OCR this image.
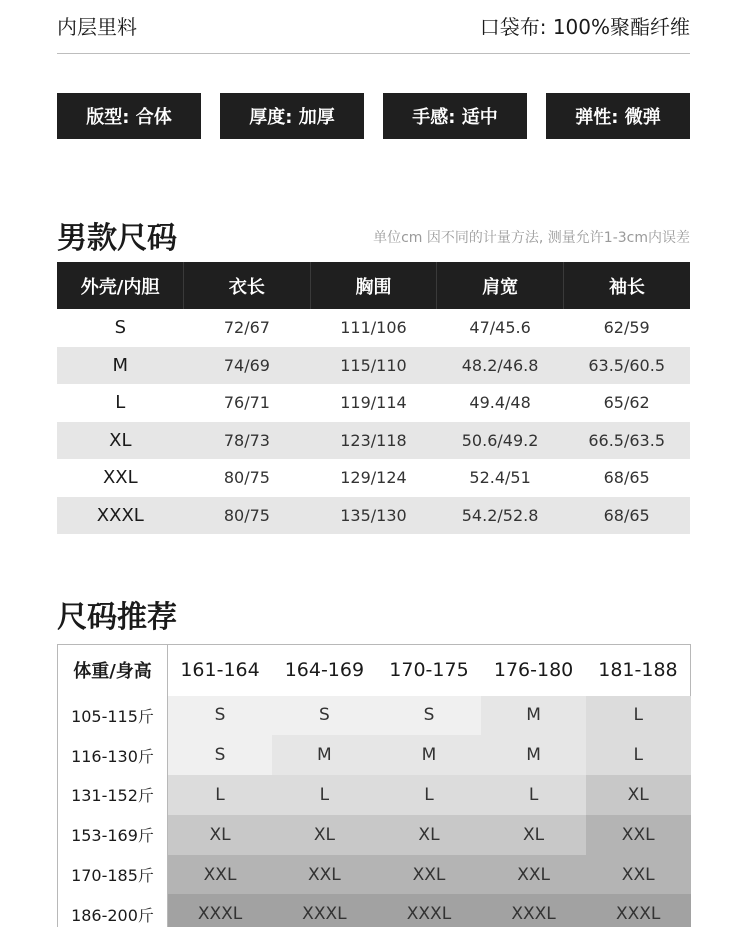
内层里料	口袋布: 100%聚酯纤维
版型: 合体	厚度: 加厚	手感: 适中	弹性: 微弹
男款尺码	单位cm 因不同的计量方法, 测量允许1-3cm内误差
外壳/内胆	衣长	胸围	肩宽	袖长
S	72/67	111/106	47/45.6	62/59
M	74/69	115/110	48.2/46.8	63.5/60.5
L	76/71	119/114	49.4/48	65/62
XL	78/73	123/118	50.6/49.2	66.5/63.5
XXL	80/75	129/124	52.4/51	68/65
XXXL	80/75	135/130	54.2/52.8	68/65
尺码推荐
体重/身高	161-164	164-169	170-175	176-180	181-188
105-115斤	S	S	S	M	L
116-130斤	S	M	M	M	L
131-152斤	L	L	L	L	XL
153-169斤	XL	XL	XL	XL	XXL
170-185斤	XXL	XXL	XXL	XXL	XXL
186-200斤	XXXL	XXXL	XXXL	XXXL	XXXL
